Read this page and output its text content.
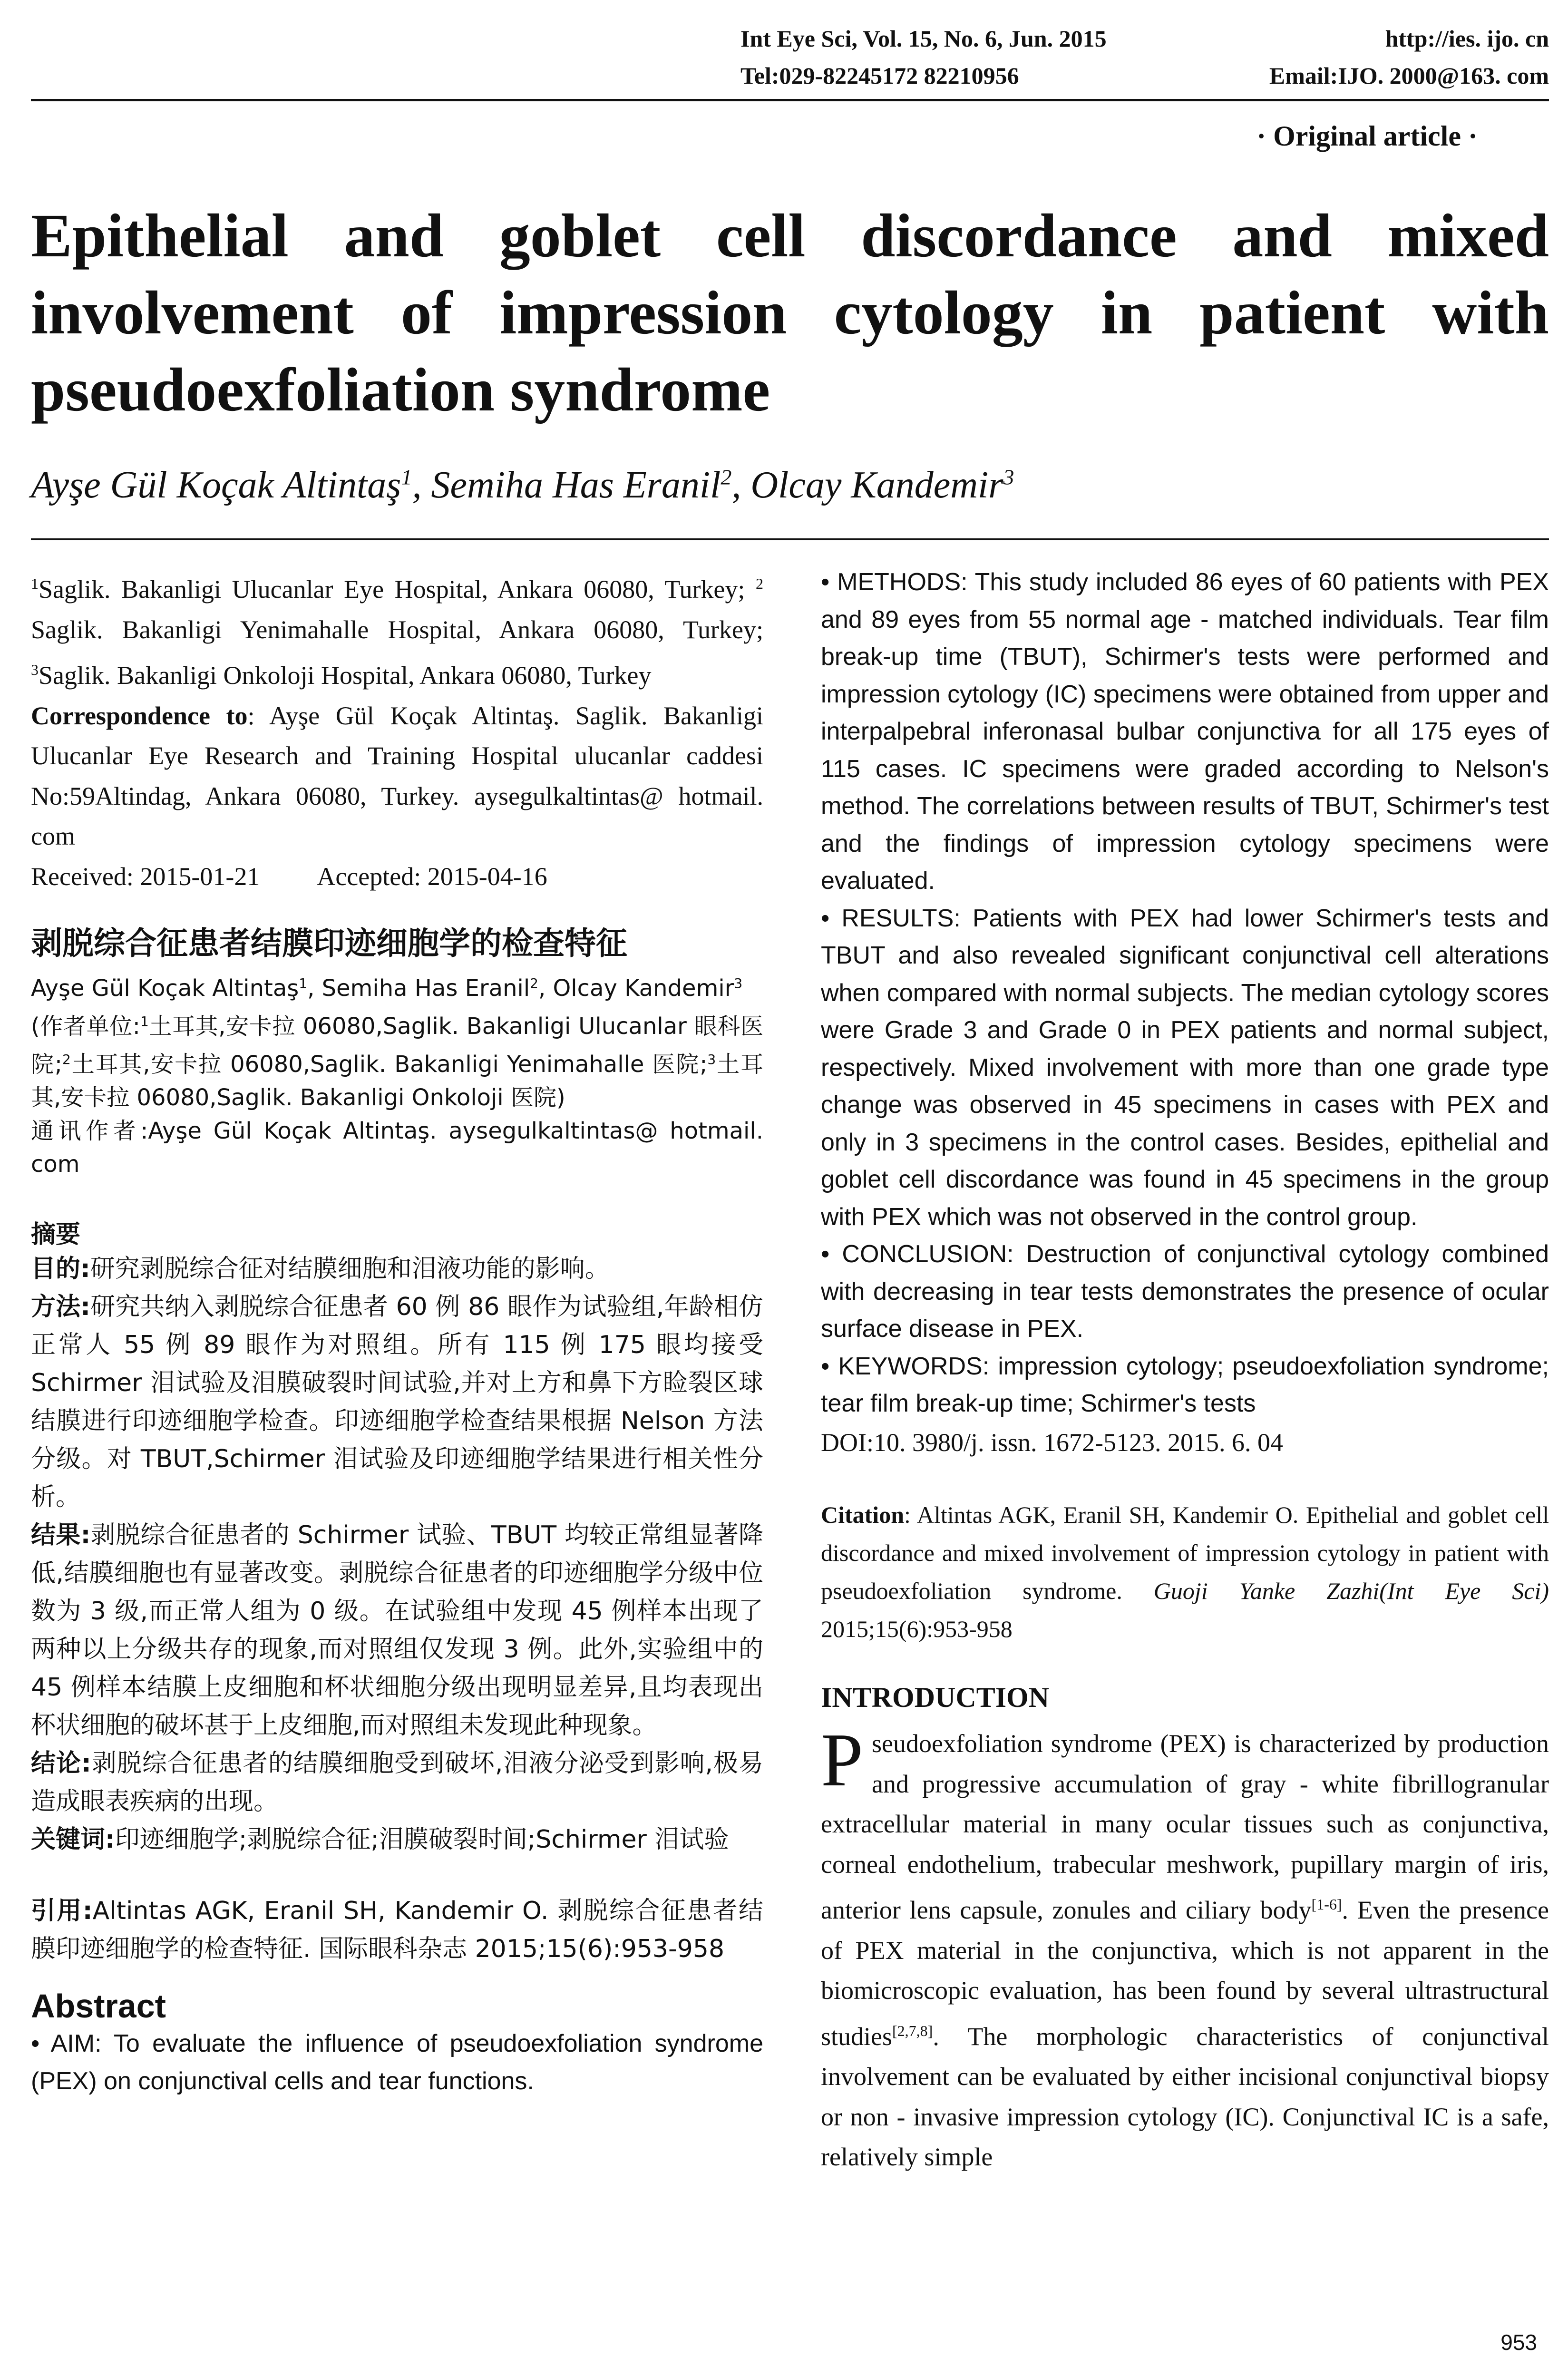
Int Eye Sci, Vol. 15, No. 6, Jun. 2015	http://ies. ijo. cn
Tel:029-82245172 82210956	Email:IJO. 2000@163. com
· Original article ·
Epithelial and goblet cell discordance and mixed involvement of impression cytology in patient with pseudoexfoliation syndrome
Ayşe Gül Koçak Altintaş$^1$, Semiha Has Eranil$^2$, Olcay Kandemir$^3$

$^1$Saglik. Bakanligi Ulucanlar Eye Hospital, Ankara 06080, Turkey; $^2$ Saglik. Bakanligi Yenimahalle Hospital, Ankara 06080, Turkey; $^3$Saglik. Bakanligi Onkoloji Hospital, Ankara 06080, Turkey

Correspondence to: Ayşe Gül Koçak Altintaş. Saglik. Bakanligi Ulucanlar Eye Research and Training Hospital ulucanlar caddesi No:59Altindag, Ankara 06080, Turkey. aysegulkaltintas@ hotmail. com

Received: 2015-01-21 Accepted: 2015-04-16

剥脱综合征患者结膜印迹细胞学的检查特征

Ayşe Gül Koçak Altintaş$^1$, Semiha Has Eranil$^2$, Olcay Kandemir$^3$

(作者单位:$^1$土耳其,安卡拉 06080,Saglik. Bakanligi Ulucanlar 眼科医院;$^2$土耳其,安卡拉 06080,Saglik. Bakanligi Yenimahalle 医院;$^3$土耳其,安卡拉 06080,Saglik. Bakanligi Onkoloji 医院)

通讯作者:Ayşe Gül Koçak Altintaş. aysegulkaltintas@ hotmail. com

摘要

目的:研究剥脱综合征对结膜细胞和泪液功能的影响。

方法:研究共纳入剥脱综合征患者 60 例 86 眼作为试验组,年龄相仿正常人 55 例 89 眼作为对照组。所有 115 例 175 眼均接受 Schirmer 泪试验及泪膜破裂时间试验,并对上方和鼻下方睑裂区球结膜进行印迹细胞学检查。印迹细胞学检查结果根据 Nelson 方法分级。对 TBUT,Schirmer 泪试验及印迹细胞学结果进行相关性分析。

结果:剥脱综合征患者的 Schirmer 试验、TBUT 均较正常组显著降低,结膜细胞也有显著改变。剥脱综合征患者的印迹细胞学分级中位数为 3 级,而正常人组为 0 级。在试验组中发现 45 例样本出现了两种以上分级共存的现象,而对照组仅发现 3 例。此外,实验组中的 45 例样本结膜上皮细胞和杯状细胞分级出现明显差异,且均表现出杯状细胞的破坏甚于上皮细胞,而对照组未发现此种现象。

结论:剥脱综合征患者的结膜细胞受到破坏,泪液分泌受到影响,极易造成眼表疾病的出现。

关键词:印迹细胞学;剥脱综合征;泪膜破裂时间;Schirmer 泪试验

引用:Altintas AGK, Eranil SH, Kandemir O. 剥脱综合征患者结膜印迹细胞学的检查特征. 国际眼科杂志 2015;15(6):953-958

Abstract

• AIM: To evaluate the influence of pseudoexfoliation syndrome (PEX) on conjunctival cells and tear functions.

• METHODS: This study included 86 eyes of 60 patients with PEX and 89 eyes from 55 normal age - matched individuals. Tear film break-up time (TBUT), Schirmer's tests were performed and impression cytology (IC) specimens were obtained from upper and interpalpebral inferonasal bulbar conjunctiva for all 175 eyes of 115 cases. IC specimens were graded according to Nelson's method. The correlations between results of TBUT, Schirmer's test and the findings of impression cytology specimens were evaluated.

• RESULTS: Patients with PEX had lower Schirmer's tests and TBUT and also revealed significant conjunctival cell alterations when compared with normal subjects. The median cytology scores were Grade 3 and Grade 0 in PEX patients and normal subject, respectively. Mixed involvement with more than one grade type change was observed in 45 specimens in cases with PEX and only in 3 specimens in the control cases. Besides, epithelial and goblet cell discordance was found in 45 specimens in the group with PEX which was not observed in the control group.

• CONCLUSION: Destruction of conjunctival cytology combined with decreasing in tear tests demonstrates the presence of ocular surface disease in PEX.

• KEYWORDS: impression cytology; pseudoexfoliation syndrome; tear film break-up time; Schirmer's tests

DOI:10. 3980/j. issn. 1672-5123. 2015. 6. 04

Citation: Altintas AGK, Eranil SH, Kandemir O. Epithelial and goblet cell discordance and mixed involvement of impression cytology in patient with pseudoexfoliation syndrome. Guoji Yanke Zazhi(Int Eye Sci) 2015;15(6):953-958

INTRODUCTION

Pseudoexfoliation syndrome (PEX) is characterized by production and progressive accumulation of gray - white fibrillogranular extracellular material in many ocular tissues such as conjunctiva, corneal endothelium, trabecular meshwork, pupillary margin of iris, anterior lens capsule, zonules and ciliary body[1-6]. Even the presence of PEX material in the conjunctiva, which is not apparent in the biomicroscopic evaluation, has been found by several ultrastructural studies[2,7,8]. The morphologic characteristics of conjunctival involvement can be evaluated by either incisional conjunctival biopsy or non - invasive impression cytology (IC). Conjunctival IC is a safe, relatively simple

953
